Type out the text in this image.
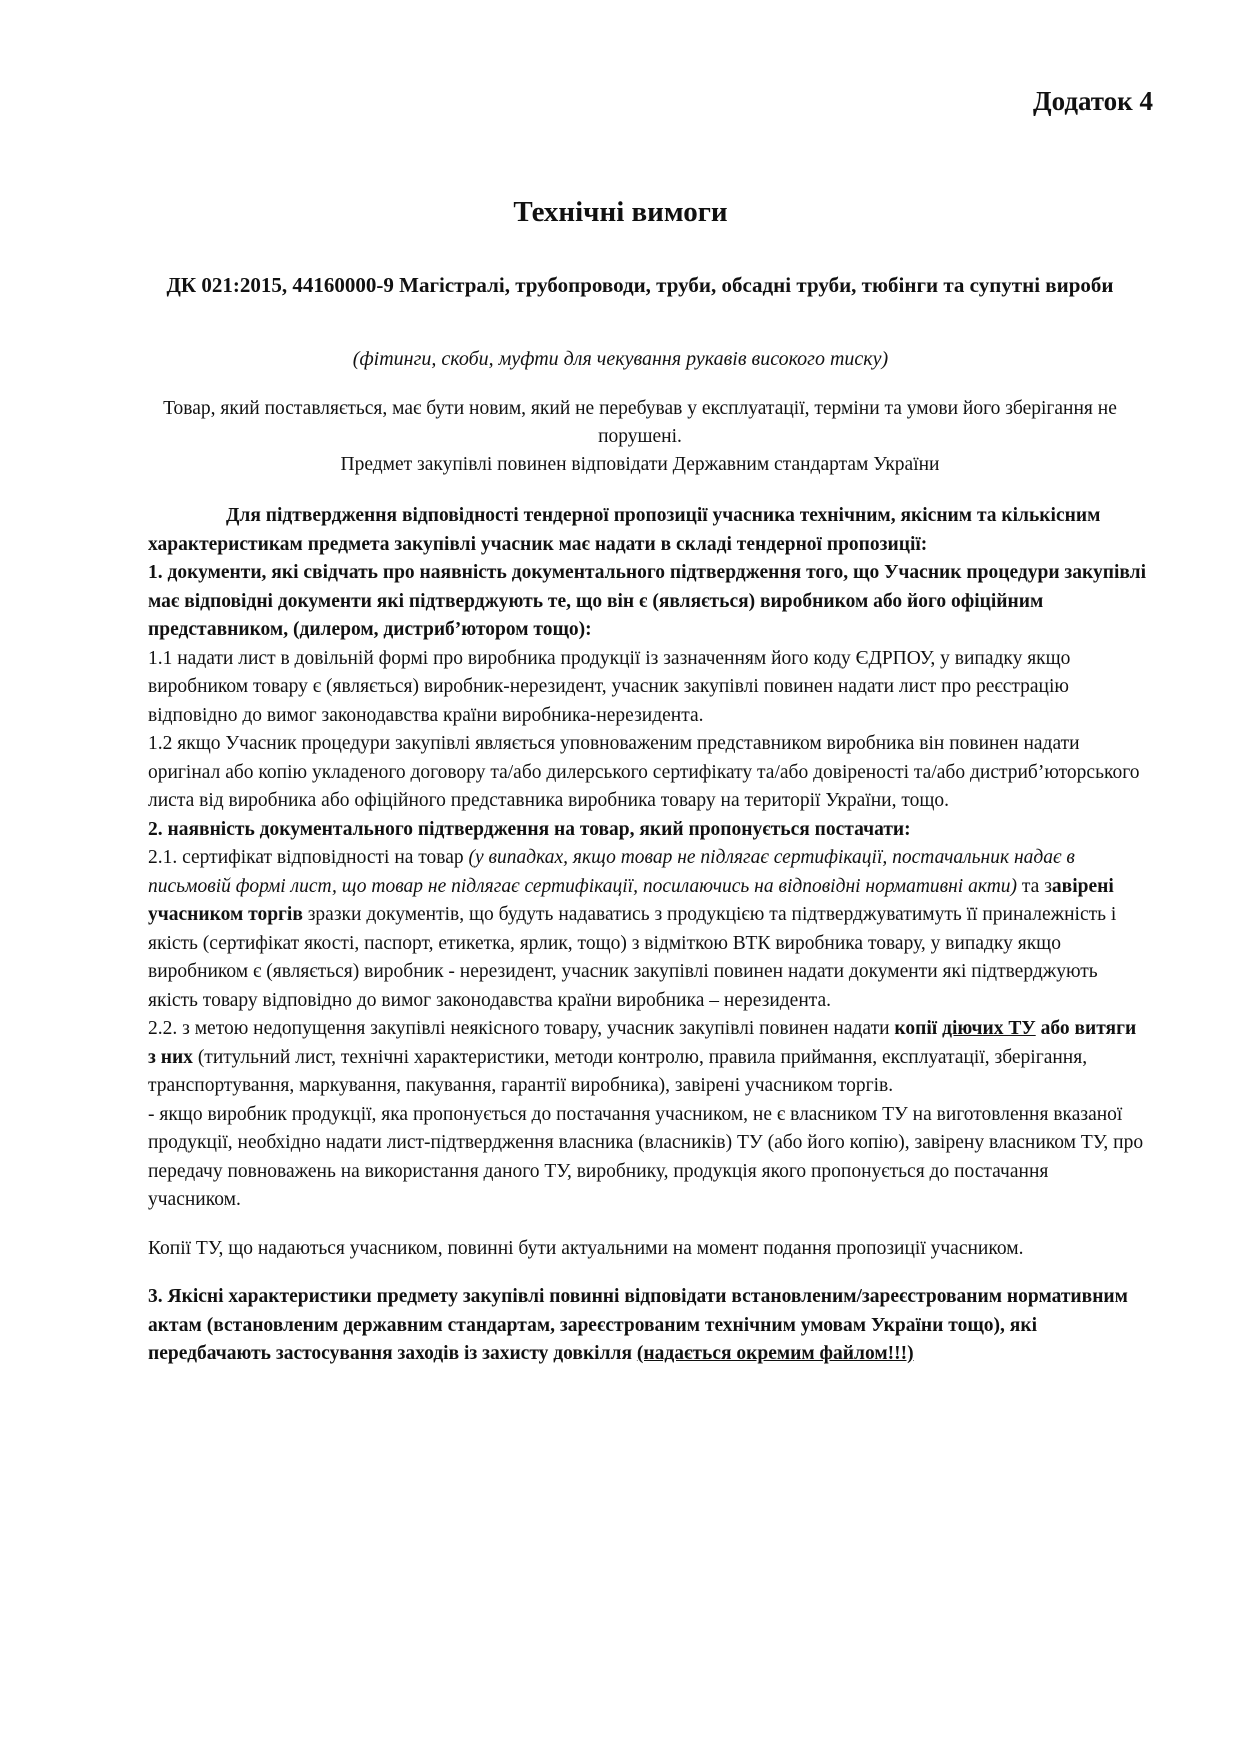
Додаток 4
Технічні вимоги
ДК 021:2015, 44160000-9 Магістралі, трубопроводи, труби, обсадні труби, тюбінги та супутні вироби
(фітинги, скоби, муфти для чекування рукавів високого тиску)

Товар, який поставляється, має бути новим, який не перебував у експлуатації, терміни та умови його зберігання не порушені.

Предмет закупівлі повинен відповідати Державним стандартам України

Для підтвердження відповідності тендерної пропозиції учасника технічним, якісним та кількісним характеристикам предмета закупівлі учасник має надати в складі тендерної пропозиції:

1. документи, які свідчать про наявність документального підтвердження того, що Учасник процедури закупівлі має відповідні документи які підтверджують те, що він є (являється) виробником або його офіційним представником, (дилером, дистриб’ютором тощо):

1.1 надати лист в довільній формі про виробника продукції із зазначенням його коду ЄДРПОУ, у випадку якщо виробником товару є (являється) виробник-нерезидент, учасник закупівлі повинен надати лист про реєстрацію відповідно до вимог законодавства країни виробника-нерезидента.

1.2 якщо Учасник процедури закупівлі являється уповноваженим представником виробника він повинен надати оригінал або копію укладеного договору та/або дилерського сертифікату та/або довіреності та/або дистриб’юторського листа від виробника або офіційного представника виробника товару на території України, тощо.

2. наявність документального підтвердження на товар, який пропонується постачати:

2.1. сертифікат відповідності на товар (у випадках, якщо товар не підлягає сертифікації, постачальник надає в письмовій формі лист, що товар не підлягає сертифікації, посилаючись на відповідні нормативні акти) та завірені учасником торгів зразки документів, що будуть надаватись з продукцією та підтверджуватимуть її приналежність і якість (сертифікат якості, паспорт, етикетка, ярлик, тощо) з відміткою ВТК виробника товару, у випадку якщо виробником є (являється) виробник - нерезидент, учасник закупівлі повинен надати документи які підтверджують якість товару відповідно до вимог законодавства країни виробника – нерезидента.

2.2. з метою недопущення закупівлі неякісного товару, учасник закупівлі повинен надати копії діючих ТУ або витяги з них (титульний лист, технічні характеристики, методи контролю, правила приймання, експлуатації, зберігання, транспортування, маркування, пакування, гарантії виробника), завірені учасником торгів.

- якщо виробник продукції, яка пропонується до постачання учасником, не є власником ТУ на виготовлення вказаної продукції, необхідно надати лист-підтвердження власника (власників) ТУ (або його копію), завірену власником ТУ, про передачу повноважень на використання даного ТУ, виробнику, продукція якого пропонується до постачання учасником.

Копії ТУ, що надаються учасником, повинні бути актуальними на момент подання пропозиції учасником.

3. Якісні характеристики предмету закупівлі повинні відповідати встановленим/зареєстрованим нормативним актам (встановленим державним стандартам, зареєстрованим технічним умовам України тощо), які передбачають застосування заходів із захисту довкілля (надається окремим файлом!!!)
